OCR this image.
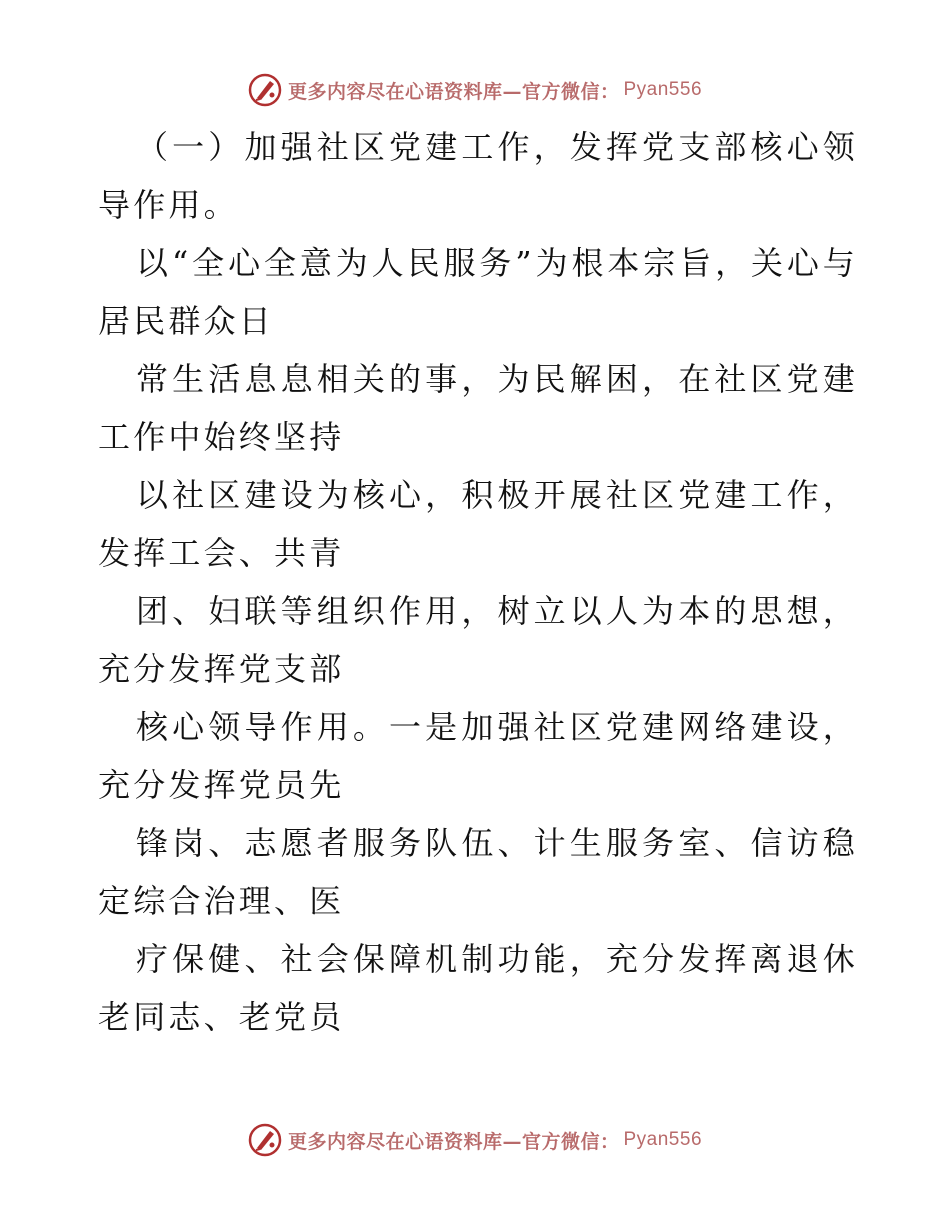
更多内容尽在心语资料库—官方微信： Pyan556

（一）加强社区党建工作，发挥党支部核心领导作用。

以“全心全意为人民服务”为根本宗旨，关心与居民群众日

常生活息息相关的事，为民解困，在社区党建工作中始终坚持

以社区建设为核心，积极开展社区党建工作，发挥工会、共青

团、妇联等组织作用，树立以人为本的思想，充分发挥党支部

核心领导作用。一是加强社区党建网络建设，充分发挥党员先

锋岗、志愿者服务队伍、计生服务室、信访稳定综合治理、医

疗保健、社会保障机制功能，充分发挥离退休老同志、老党员

更多内容尽在心语资料库—官方微信： Pyan556
